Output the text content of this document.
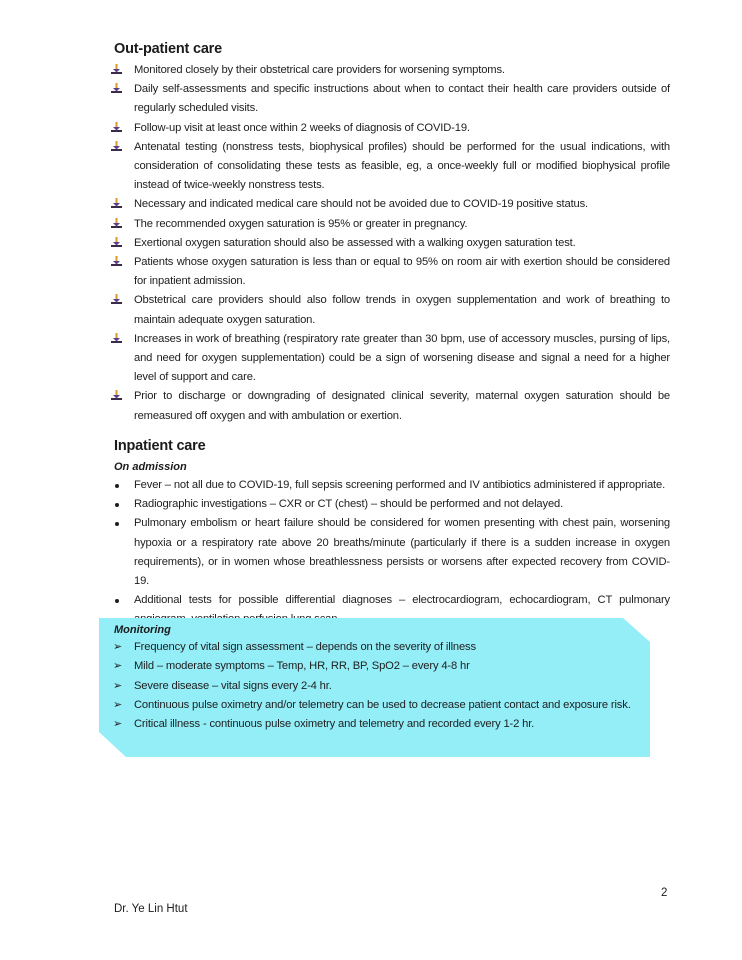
Out-patient care
Monitored closely by their obstetrical care providers for worsening symptoms.
Daily self-assessments and specific instructions about when to contact their health care providers outside of regularly scheduled visits.
Follow-up visit at least once within 2 weeks of diagnosis of COVID-19.
Antenatal testing (nonstress tests, biophysical profiles) should be performed for the usual indications, with consideration of consolidating these tests as feasible, eg, a once-weekly full or modified biophysical profile instead of twice-weekly nonstress tests.
Necessary and indicated medical care should not be avoided due to COVID-19 positive status.
The recommended oxygen saturation is 95% or greater in pregnancy.
Exertional oxygen saturation should also be assessed with a walking oxygen saturation test.
Patients whose oxygen saturation is less than or equal to 95% on room air with exertion should be considered for inpatient admission.
Obstetrical care providers should also follow trends in oxygen supplementation and work of breathing to maintain adequate oxygen saturation.
Increases in work of breathing (respiratory rate greater than 30 bpm, use of accessory muscles, pursing of lips, and need for oxygen supplementation) could be a sign of worsening disease and signal a need for a higher level of support and care.
Prior to discharge or downgrading of designated clinical severity, maternal oxygen saturation should be remeasured off oxygen and with ambulation or exertion.
Inpatient care
On admission
Fever – not all due to COVID-19, full sepsis screening performed and IV antibiotics administered if appropriate.
Radiographic investigations – CXR or CT (chest) – should be performed and not delayed.
Pulmonary embolism or heart failure should be considered for women presenting with chest pain, worsening hypoxia or a respiratory rate above 20 breaths/minute (particularly if there is a sudden increase in oxygen requirements), or in women whose breathlessness persists or worsens after expected recovery from COVID-19.
Additional tests for possible differential diagnoses – electrocardiogram, echocardiogram, CT pulmonary
Monitoring
➢ Frequency of vital sign assessment – depends on the severity of illness
➢ Mild – moderate symptoms – Temp, HR, RR, BP, SpO2 – every 4-8 hr
➢ Severe disease – vital signs every 2-4 hr.
➢ Continuous pulse oximetry and/or telemetry can be used to decrease patient contact and exposure risk.
➢ Critical illness - continuous pulse oximetry and telemetry and recorded every 1-2 hr.
2
Dr. Ye Lin Htut
